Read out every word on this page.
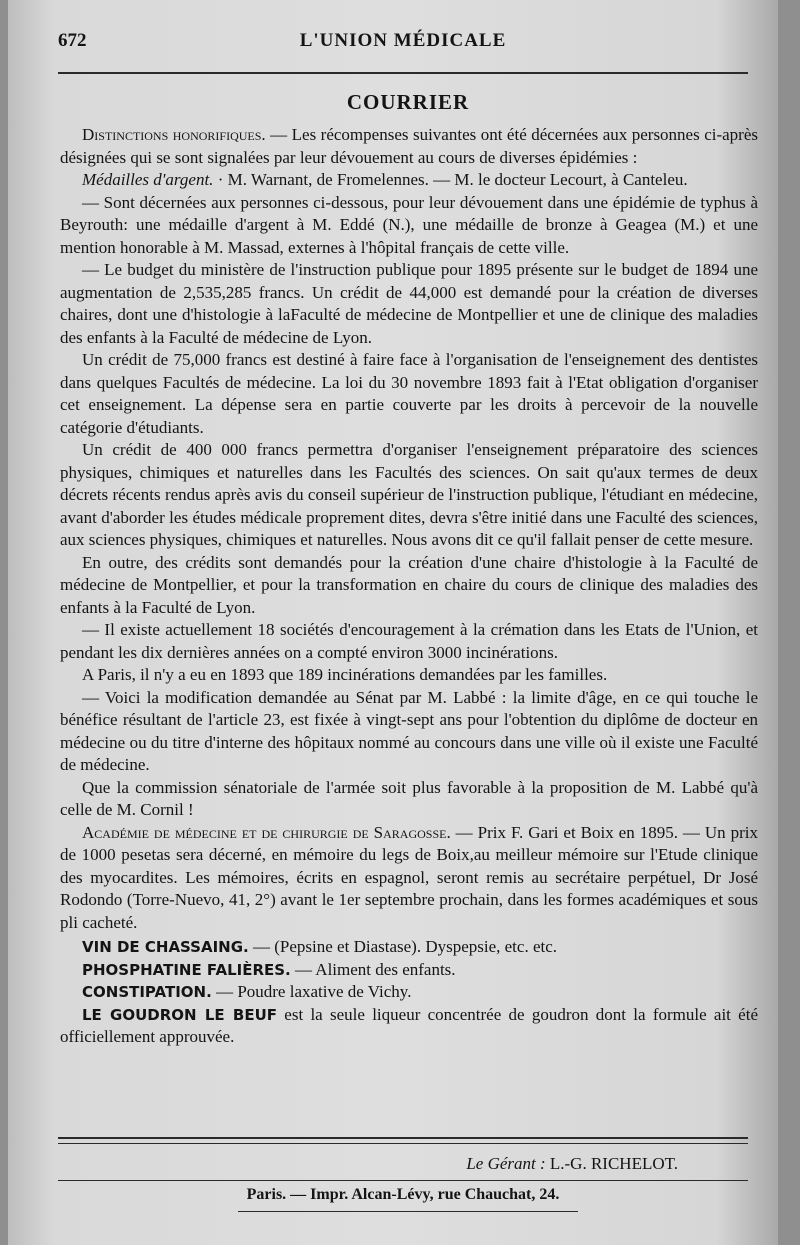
672	L'UNION MÉDICALE
COURRIER

Distinctions honorifiques. — Les récompenses suivantes ont été décernées aux personnes ci-après désignées qui se sont signalées par leur dévouement au cours de diverses épidémies :

Médailles d'argent. · M. Warnant, de Fromelennes. — M. le docteur Lecourt, à Canteleu.

— Sont décernées aux personnes ci-dessous, pour leur dévouement dans une épidémie de typhus à Beyrouth: une médaille d'argent à M. Eddé (N.), une médaille de bronze à Geagea (M.) et une mention honorable à M. Massad, externes à l'hôpital français de cette ville.

— Le budget du ministère de l'instruction publique pour 1895 présente sur le budget de 1894 une augmentation de 2,535,285 francs. Un crédit de 44,000 est demandé pour la création de diverses chaires, dont une d'histologie à laFaculté de médecine de Montpellier et une de clinique des maladies des enfants à la Faculté de médecine de Lyon.

Un crédit de 75,000 francs est destiné à faire face à l'organisation de l'enseignement des dentistes dans quelques Facultés de médecine. La loi du 30 novembre 1893 fait à l'Etat obligation d'organiser cet enseignement. La dépense sera en partie couverte par les droits à percevoir de la nouvelle catégorie d'étudiants.

Un crédit de 400 000 francs permettra d'organiser l'enseignement préparatoire des sciences physiques, chimiques et naturelles dans les Facultés des sciences. On sait qu'aux termes de deux décrets récents rendus après avis du conseil supérieur de l'instruction publique, l'étudiant en médecine, avant d'aborder les études médicale proprement dites, devra s'être initié dans une Faculté des sciences, aux sciences physiques, chimiques et naturelles. Nous avons dit ce qu'il fallait penser de cette mesure.

En outre, des crédits sont demandés pour la création d'une chaire d'histologie à la Faculté de médecine de Montpellier, et pour la transformation en chaire du cours de clinique des maladies des enfants à la Faculté de Lyon.

— Il existe actuellement 18 sociétés d'encouragement à la crémation dans les Etats de l'Union, et pendant les dix dernières années on a compté environ 3000 incinérations.

A Paris, il n'y a eu en 1893 que 189 incinérations demandées par les familles.

— Voici la modification demandée au Sénat par M. Labbé : la limite d'âge, en ce qui touche le bénéfice résultant de l'article 23, est fixée à vingt-sept ans pour l'obtention du diplôme de docteur en médecine ou du titre d'interne des hôpitaux nommé au concours dans une ville où il existe une Faculté de médecine.

Que la commission sénatoriale de l'armée soit plus favorable à la proposition de M. Labbé qu'à celle de M. Cornil !

Académie de médecine et de chirurgie de Saragosse. — Prix F. Gari et Boix en 1895. — Un prix de 1000 pesetas sera décerné, en mémoire du legs de Boix,au meilleur mémoire sur l'Etude clinique des myocardites. Les mémoires, écrits en espagnol, seront remis au secrétaire perpétuel, Dr José Rodondo (Torre-Nuevo, 41, 2°) avant le 1er septembre prochain, dans les formes académiques et sous pli cacheté.

VIN DE CHASSAING. — (Pepsine et Diastase). Dyspepsie, etc. etc.

PHOSPHATINE FALIÈRES. — Aliment des enfants.

CONSTIPATION. — Poudre laxative de Vichy.

LE GOUDRON LE BEUF est la seule liqueur concentrée de goudron dont la formule ait été officiellement approuvée.

Le Gérant : L.-G. RICHELOT.
Paris. — Impr. Alcan-Lévy, rue Chauchat, 24.
